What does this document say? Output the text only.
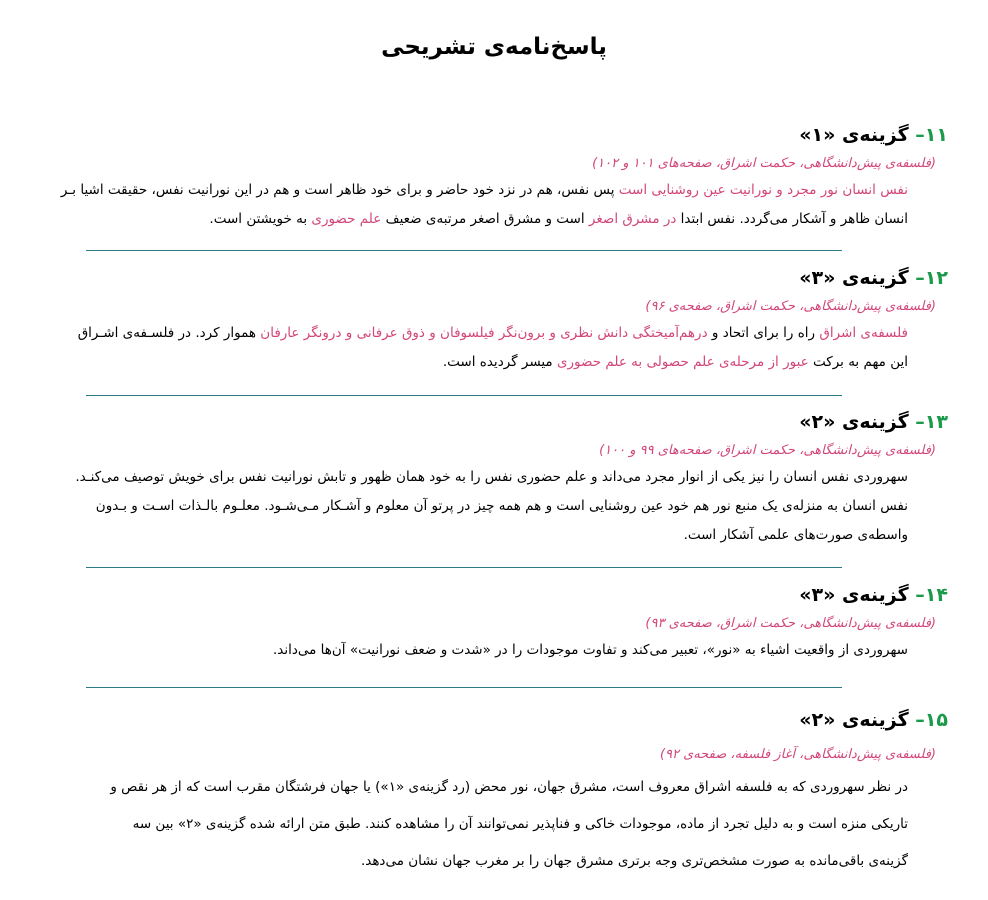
پاسخ‌نامه‌ی تشریحی
۱۱– گزینه‌ی «۱»
(فلسفه‌ی پیش‌دانشگاهی، حکمت اشراق، صفحه‌های ۱۰۱ و ۱۰۲)
نفس انسان نور مجرد و نورانیت عین روشنایی است پس نفس، هم در نزد خود حاضر و برای خود ظاهر است و هم در این نورانیت نفس، حقیقت اشیا بـر
انسان ظاهر و آشکار می‌گردد. نفس ابتدا در مشرق اصغر است و مشرق اصغر مرتبه‌ی ضعیف علم حضوری به خویشتن است.
۱۲– گزینه‌ی «۳»
(فلسفه‌ی پیش‌دانشگاهی، حکمت اشراق، صفحه‌ی ۹۶)
فلسفه‌ی اشراق راه را برای اتحاد و درهم‌آمیختگی دانش نظری و برون‌نگر فیلسوفان و ذوق عرفانی و درونگر عارفان هموار کرد. در فلسـفه‌ی اشـراق
این مهم به برکت عبور از مرحله‌ی علم حصولی به علم حضوری میسر گردیده است.
۱۳– گزینه‌ی «۲»
(فلسفه‌ی پیش‌دانشگاهی، حکمت اشراق، صفحه‌های ۹۹ و ۱۰۰)
سهروردی نفس انسان را نیز یکی از انوار مجرد می‌داند و علم حضوری نفس را به خود همان ظهور و تابش نورانیت نفس برای خویش توصیف می‌کنـد.
نفس انسان به منزله‌ی یک منبع نور هم خود عین روشنایی است و هم همه چیز در پرتو آن معلوم و آشـکار مـی‌شـود. معلـوم بالـذات اسـت و بـدون
واسطه‌ی صورت‌های علمی آشکار است.
۱۴– گزینه‌ی «۳»
(فلسفه‌ی پیش‌دانشگاهی، حکمت اشراق، صفحه‌ی ۹۳)
سهروردی از واقعیت اشیاء به «نور»، تعبیر می‌کند و تفاوت موجودات را در «شدت و ضعف نورانیت» آن‌ها می‌داند.
۱۵– گزینه‌ی «۲»
(فلسفه‌ی پیش‌دانشگاهی، آغاز فلسفه، صفحه‌ی ۹۲)
در نظر سهروردی که به فلسفه اشراق معروف است، مشرق جهان، نور محض (رد گزینه‌ی «۱») یا جهان فرشتگان مقرب است که از هر نقص و
تاریکی منزه است و به دلیل تجرد از ماده، موجودات خاکی و فناپذیر نمی‌توانند آن را مشاهده کنند. طبق متن ارائه شده گزینه‌ی «۲» بین سه
گزینه‌ی باقی‌مانده به صورت مشخص‌تری وجه برتری مشرق جهان را بر مغرب جهان نشان می‌دهد.
